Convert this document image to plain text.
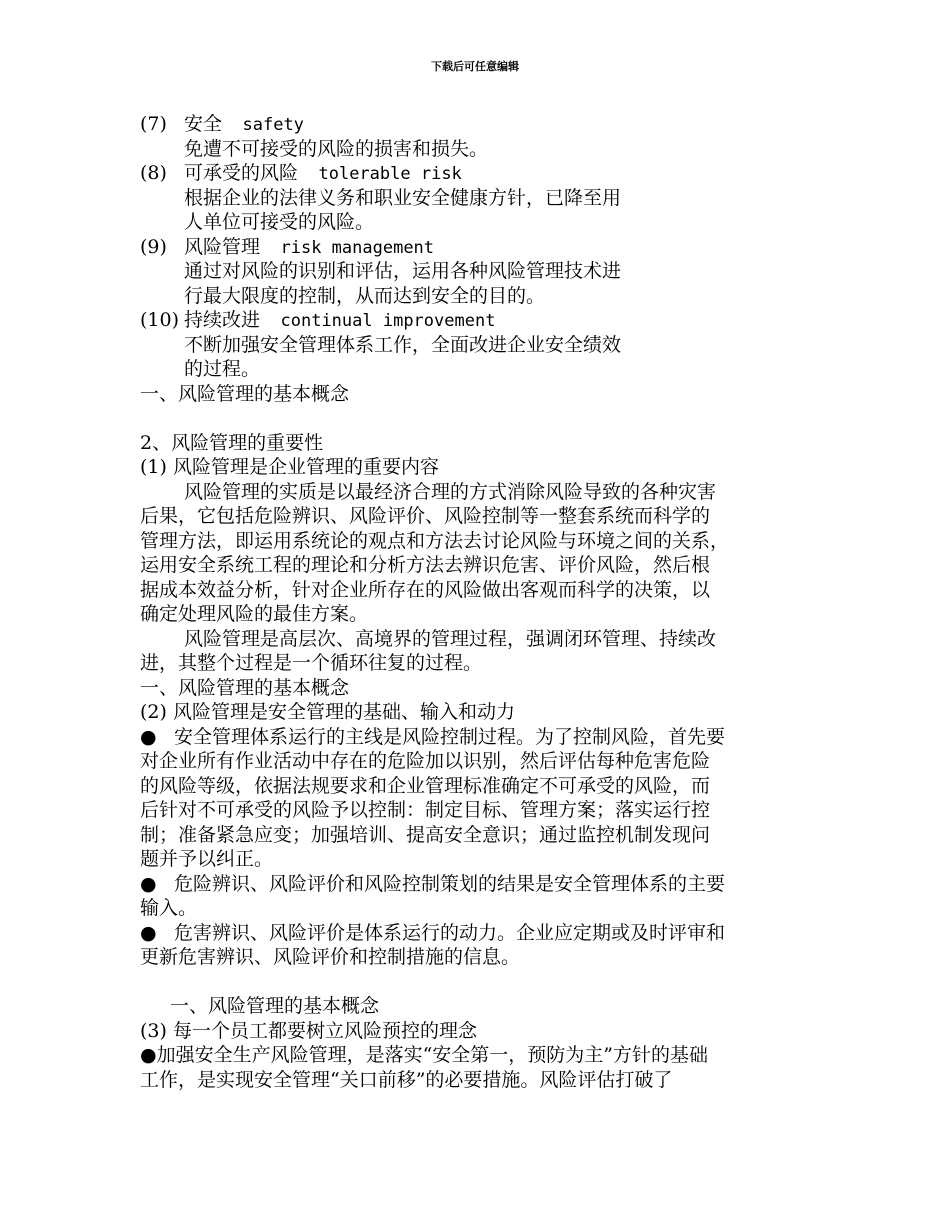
下载后可任意编辑
(7) 安全 safety
免遭不可接受的风险的损害和损失。
(8) 可承受的风险 tolerable risk
根据企业的法律义务和职业安全健康方针，已降至用
人单位可接受的风险。
(9) 风险管理 risk management
通过对风险的识别和评估，运用各种风险管理技术进
行最大限度的控制，从而达到安全的目的。
(10) 持续改进 continual improvement
不断加强安全管理体系工作，全面改进企业安全绩效
的过程。
一、风险管理的基本概念
2、风险管理的重要性
(1) 风险管理是企业管理的重要内容
风险管理的实质是以最经济合理的方式消除风险导致的各种灾害
后果，它包括危险辨识、风险评价、风险控制等一整套系统而科学的
管理方法，即运用系统论的观点和方法去讨论风险与环境之间的关系，
运用安全系统工程的理论和分析方法去辨识危害、评价风险，然后根
据成本效益分析，针对企业所存在的风险做出客观而科学的决策，以
确定处理风险的最佳方案。
风险管理是高层次、高境界的管理过程，强调闭环管理、持续改
进，其整个过程是一个循环往复的过程。
一、风险管理的基本概念
(2) 风险管理是安全管理的基础、输入和动力
● 安全管理体系运行的主线是风险控制过程。为了控制风险，首先要
对企业所有作业活动中存在的危险加以识别，然后评估每种危害危险
的风险等级，依据法规要求和企业管理标准确定不可承受的风险，而
后针对不可承受的风险予以控制：制定目标、管理方案；落实运行控
制；准备紧急应变；加强培训、提高安全意识；通过监控机制发现问
题并予以纠正。
● 危险辨识、风险评价和风险控制策划的结果是安全管理体系的主要
输入。
● 危害辨识、风险评价是体系运行的动力。企业应定期或及时评审和
更新危害辨识、风险评价和控制措施的信息。
一、风险管理的基本概念
(3) 每一个员工都要树立风险预控的理念
●加强安全生产风险管理，是落实“安全第一，预防为主”方针的基础
工作，是实现安全管理“关口前移”的必要措施。风险评估打破了
